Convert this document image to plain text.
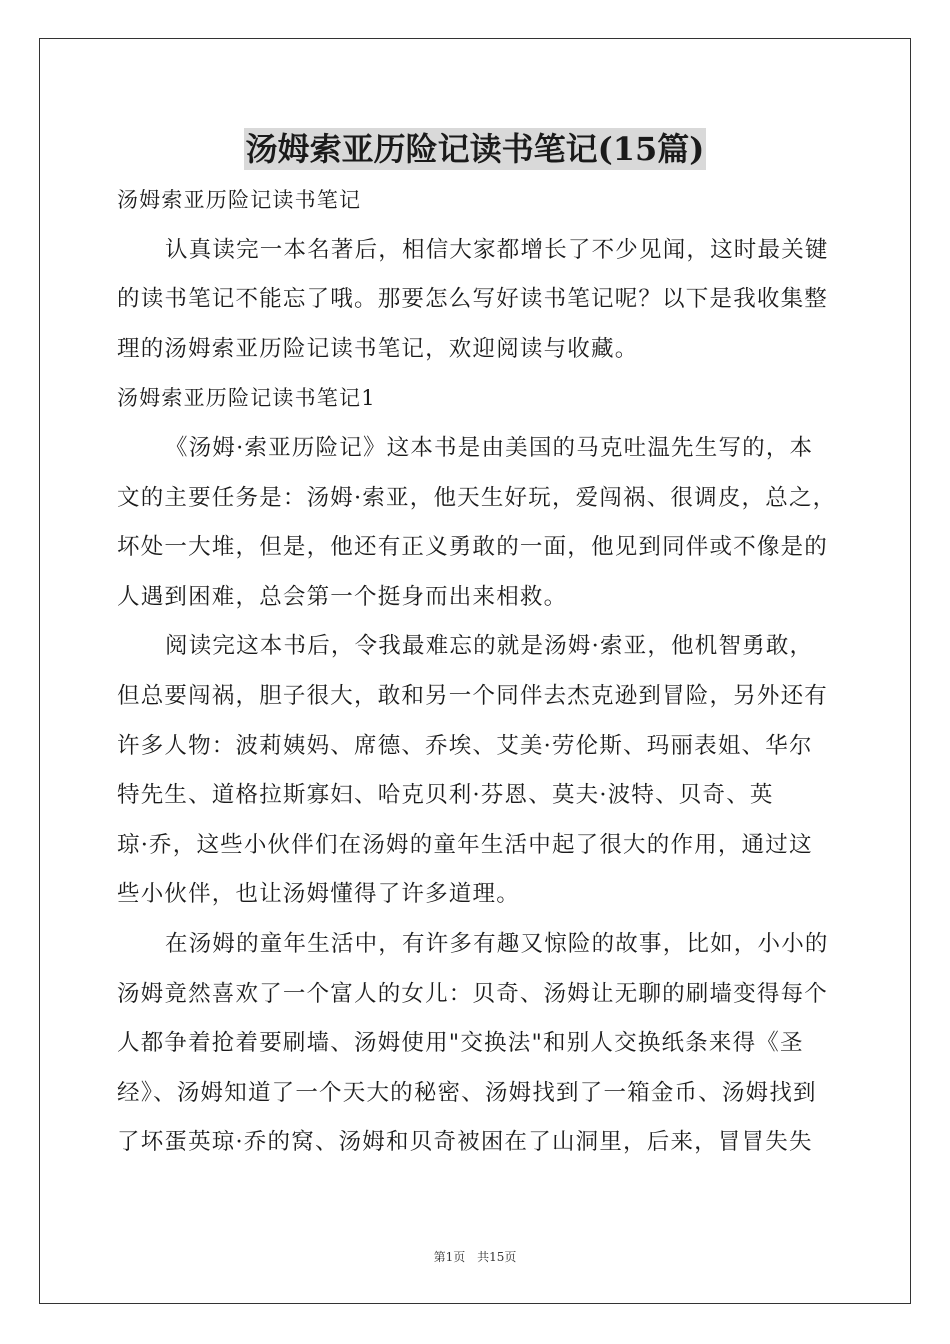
汤姆索亚历险记读书笔记(15篇)

汤姆索亚历险记读书笔记

认真读完一本名著后，相信大家都增长了不少见闻，这时最关键

的读书笔记不能忘了哦。那要怎么写好读书笔记呢？以下是我收集整

理的汤姆索亚历险记读书笔记，欢迎阅读与收藏。

汤姆索亚历险记读书笔记1

《汤姆·索亚历险记》这本书是由美国的马克吐温先生写的，本

文的主要任务是：汤姆·索亚，他天生好玩，爱闯祸、很调皮，总之，

坏处一大堆，但是，他还有正义勇敢的一面，他见到同伴或不像是的

人遇到困难，总会第一个挺身而出来相救。

阅读完这本书后，令我最难忘的就是汤姆·索亚，他机智勇敢，

但总要闯祸，胆子很大，敢和另一个同伴去杰克逊到冒险，另外还有

许多人物：波莉姨妈、席德、乔埃、艾美·劳伦斯、玛丽表姐、华尔

特先生、道格拉斯寡妇、哈克贝利·芬恩、莫夫·波特、贝奇、英

琼·乔，这些小伙伴们在汤姆的童年生活中起了很大的作用，通过这

些小伙伴，也让汤姆懂得了许多道理。

在汤姆的童年生活中，有许多有趣又惊险的故事，比如，小小的

汤姆竟然喜欢了一个富人的女儿：贝奇、汤姆让无聊的刷墙变得每个

人都争着抢着要刷墙、汤姆使用"交换法"和别人交换纸条来得《圣

经》、汤姆知道了一个天大的秘密、汤姆找到了一箱金币、汤姆找到

了坏蛋英琼·乔的窝、汤姆和贝奇被困在了山洞里，后来，冒冒失失

第1页 共15页
